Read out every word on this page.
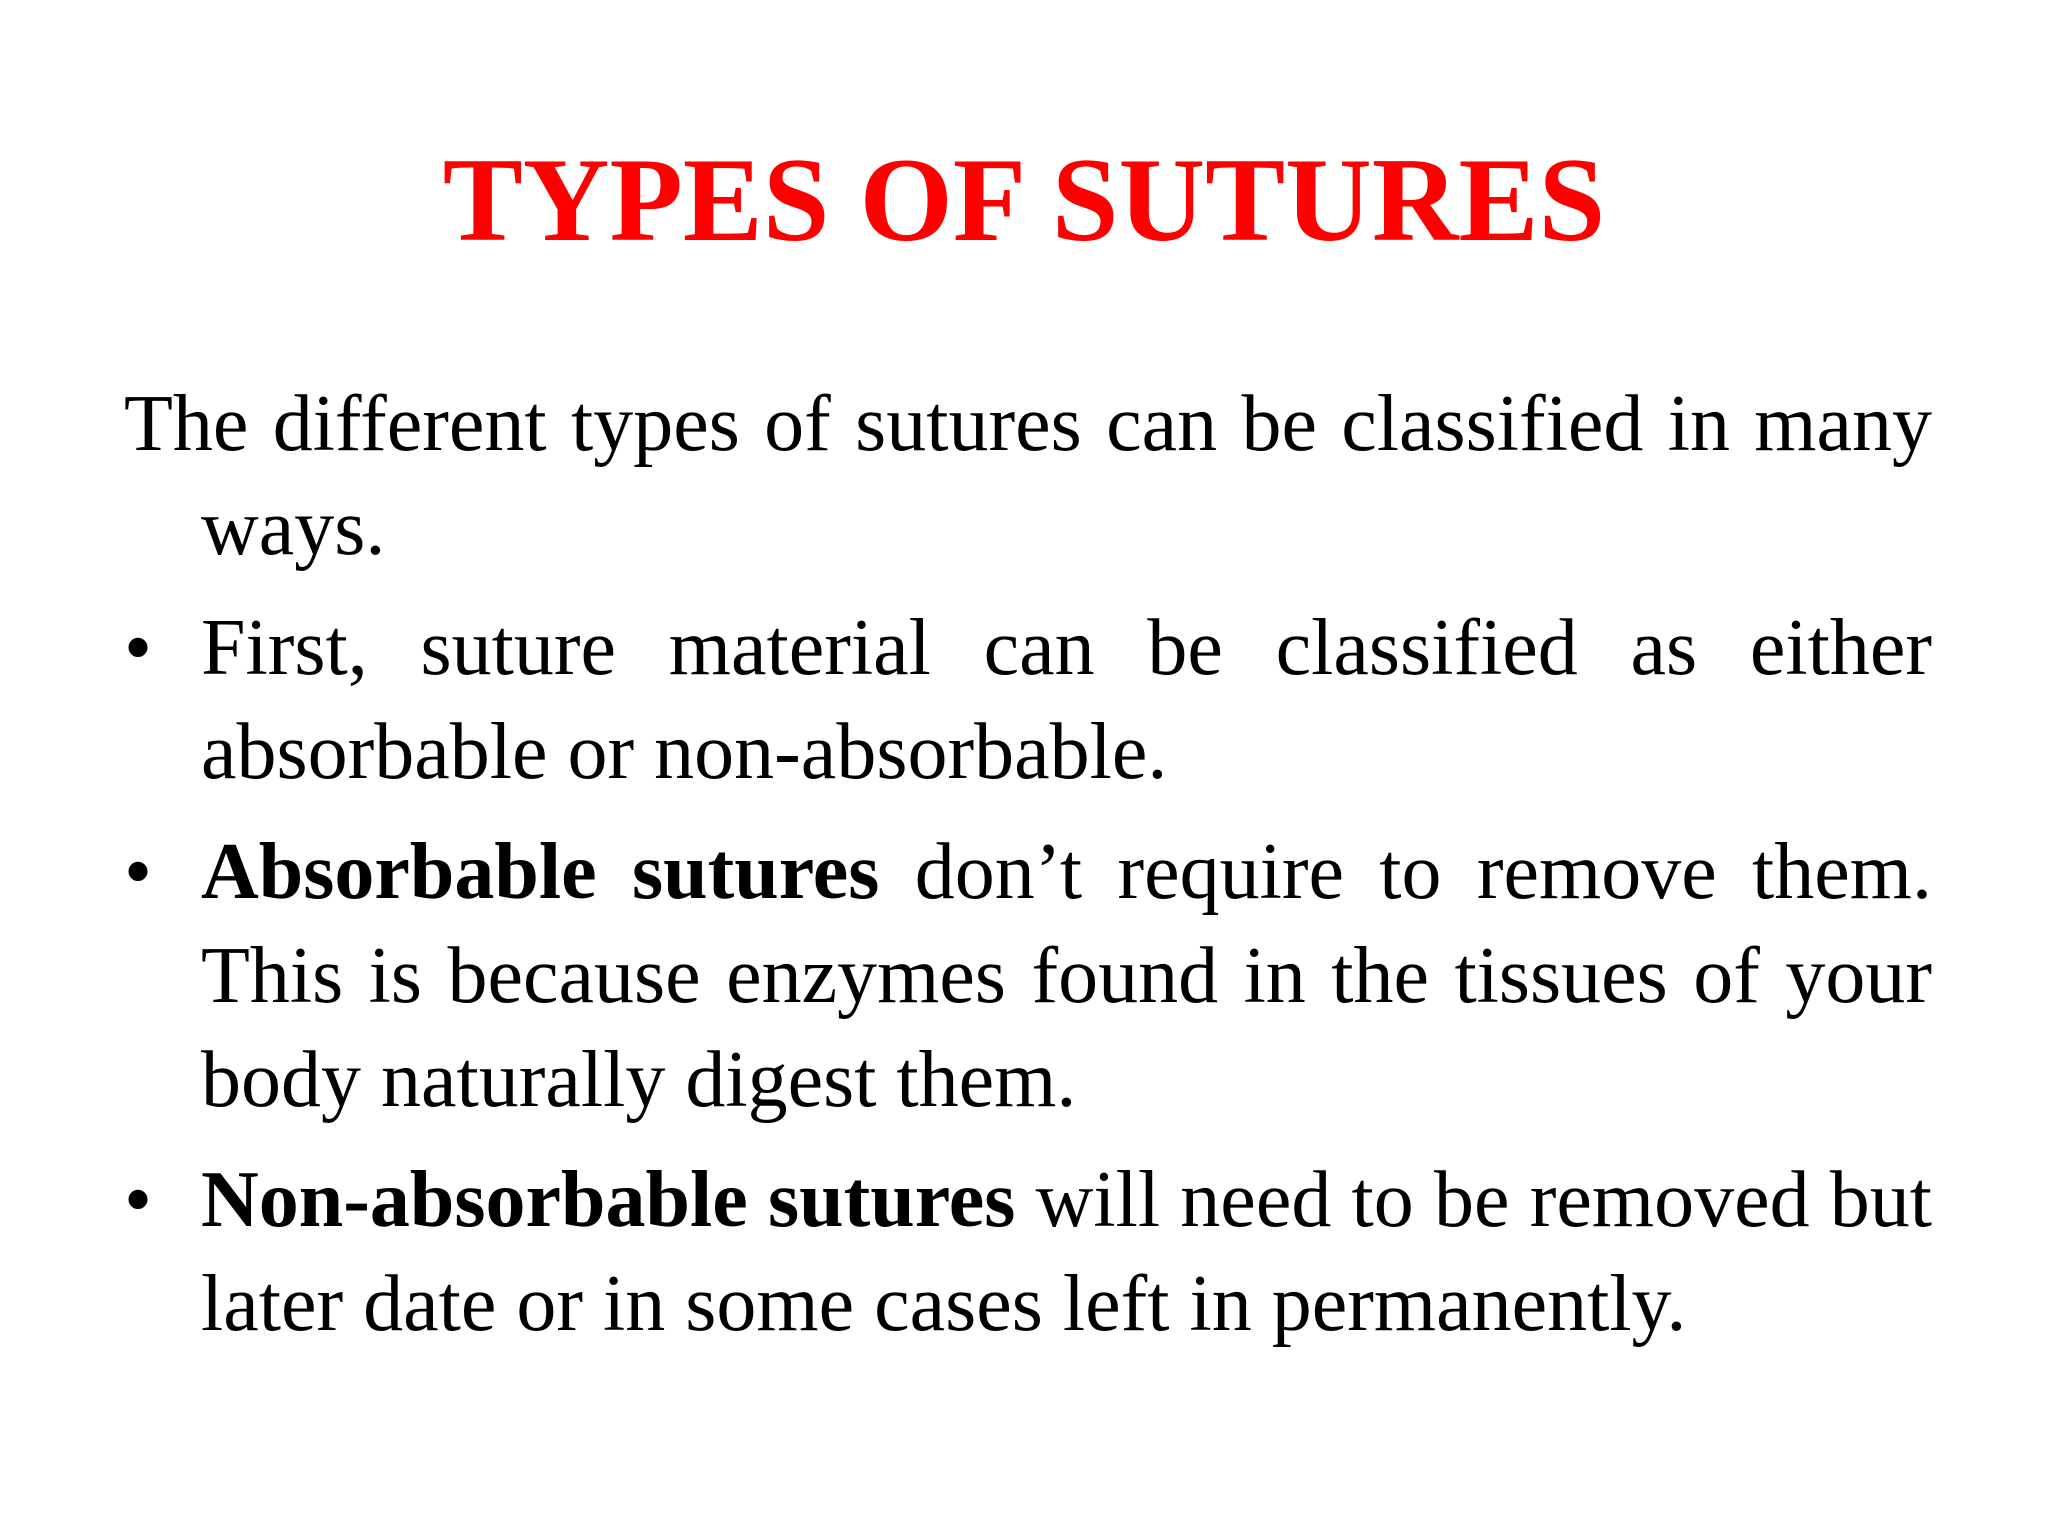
TYPES OF SUTURES

The different types of sutures can be classified in many ways.

• First, suture material can be classified as either absorbable or non-absorbable.
• Absorbable sutures don’t require to remove them. This is because enzymes found in the tissues of your body naturally digest them.
• Non-absorbable sutures will need to be removed but later date or in some cases left in permanently.
